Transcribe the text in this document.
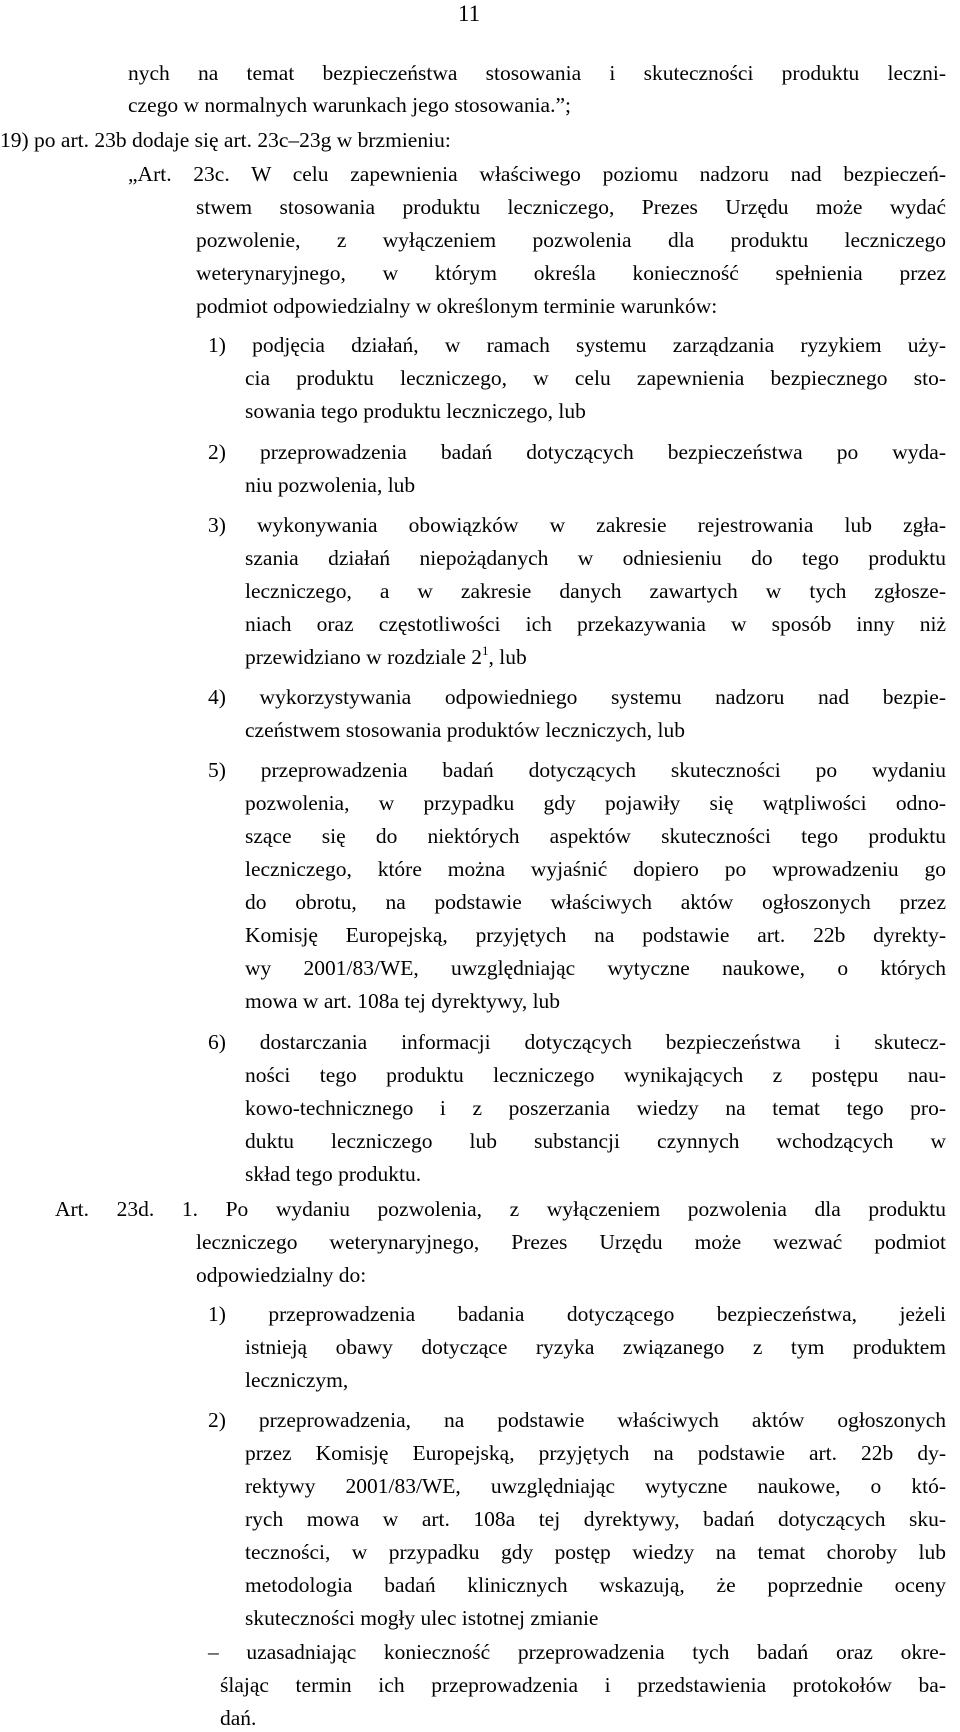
11
nych na temat bezpieczeństwa stosowania i skuteczności produktu leczni-
czego w normalnych warunkach jego stosowania.”;
19) po art. 23b dodaje się art. 23c–23g w brzmieniu:
„Art. 23c. W celu zapewnienia właściwego poziomu nadzoru nad bezpieczeń-
stwem stosowania produktu leczniczego, Prezes Urzędu może wydać
pozwolenie, z wyłączeniem pozwolenia dla produktu leczniczego
weterynaryjnego, w którym określa konieczność spełnienia przez
podmiot odpowiedzialny w określonym terminie warunków:
1) podjęcia działań, w ramach systemu zarządzania ryzykiem uży-
cia produktu leczniczego, w celu zapewnienia bezpiecznego sto-
sowania tego produktu leczniczego, lub
2) przeprowadzenia badań dotyczących bezpieczeństwa po wyda-
niu pozwolenia, lub
3) wykonywania obowiązków w zakresie rejestrowania lub zgła-
szania działań niepożądanych w odniesieniu do tego produktu
leczniczego, a w zakresie danych zawartych w tych zgłosze-
niach oraz częstotliwości ich przekazywania w sposób inny niż
przewidziano w rozdziale $2^1$, lub
4) wykorzystywania odpowiedniego systemu nadzoru nad bezpie-
czeństwem stosowania produktów leczniczych, lub
5) przeprowadzenia badań dotyczących skuteczności po wydaniu
pozwolenia, w przypadku gdy pojawiły się wątpliwości odno-
szące się do niektórych aspektów skuteczności tego produktu
leczniczego, które można wyjaśnić dopiero po wprowadzeniu go
do obrotu, na podstawie właściwych aktów ogłoszonych przez
Komisję Europejską, przyjętych na podstawie art. 22b dyrekty-
wy 2001/83/WE, uwzględniając wytyczne naukowe, o których
mowa w art. 108a tej dyrektywy, lub
6) dostarczania informacji dotyczących bezpieczeństwa i skutecz-
ności tego produktu leczniczego wynikających z postępu nau-
kowo-technicznego i z poszerzania wiedzy na temat tego pro-
duktu leczniczego lub substancji czynnych wchodzących w
skład tego produktu.
Art. 23d. 1. Po wydaniu pozwolenia, z wyłączeniem pozwolenia dla produktu
leczniczego weterynaryjnego, Prezes Urzędu może wezwać podmiot
odpowiedzialny do:
1) przeprowadzenia badania dotyczącego bezpieczeństwa, jeżeli
istnieją obawy dotyczące ryzyka związanego z tym produktem
leczniczym,
2) przeprowadzenia, na podstawie właściwych aktów ogłoszonych
przez Komisję Europejską, przyjętych na podstawie art. 22b dy-
rektywy 2001/83/WE, uwzględniając wytyczne naukowe, o któ-
rych mowa w art. 108a tej dyrektywy, badań dotyczących sku-
teczności, w przypadku gdy postęp wiedzy na temat choroby lub
metodologia badań klinicznych wskazują, że poprzednie oceny
skuteczności mogły ulec istotnej zmianie
– uzasadniając konieczność przeprowadzenia tych badań oraz okre-
ślając termin ich przeprowadzenia i przedstawienia protokołów ba-
dań.
